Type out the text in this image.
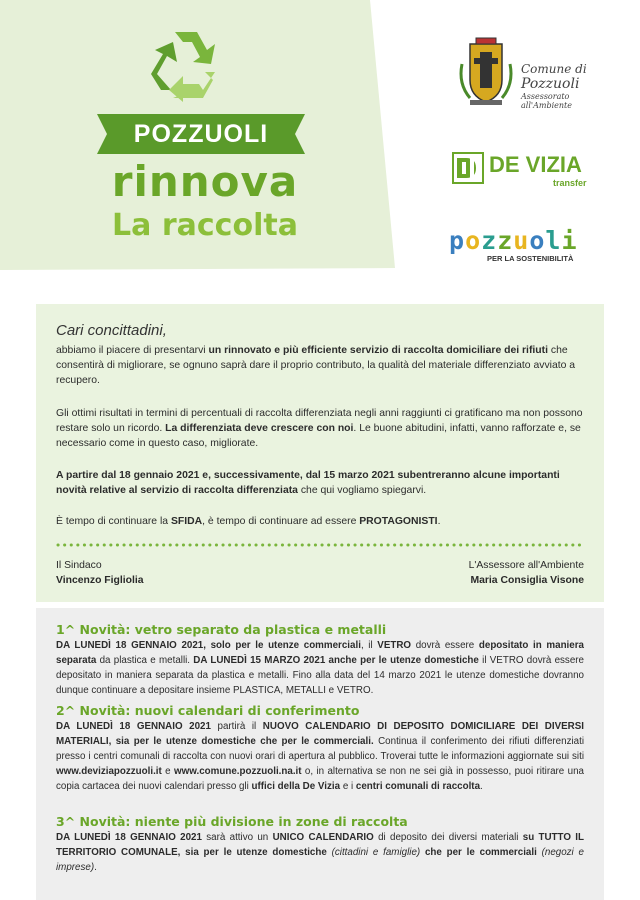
POZZUOLI
rinnova
La raccolta
Comune di
Pozzuoli
Assessorato
all'Ambiente
DE VIZIA
transfer
pozzuoli
PER LA SOSTENIBILITÀ
Cari concittadini,
abbiamo il piacere di presentarvi un rinnovato e più efficiente servizio di raccolta domiciliare dei rifiuti che consentirà di migliorare, se ognuno saprà dare il proprio contributo, la qualità del materiale differenziato avviato a recupero.
Gli ottimi risultati in termini di percentuali di raccolta differenziata negli anni raggiunti ci gratificano ma non possono restare solo un ricordo. La differenziata deve crescere con noi. Le buone abitudini, infatti, vanno rafforzate e, se necessario come in questo caso, migliorate.
A partire dal 18 gennaio 2021 e, successivamente, dal 15 marzo 2021 subentreranno alcune importanti novità relative al servizio di raccolta differenziata che qui vogliamo spiegarvi.
È tempo di continuare la SFIDA, è tempo di continuare ad essere PROTAGONISTI.
Il Sindaco
Vincenzo Figliolia
L'Assessore all'Ambiente
Maria Consiglia Visone
1^ Novità: vetro separato da plastica e metalli
DA LUNEDÌ 18 GENNAIO 2021, solo per le utenze commerciali, il VETRO dovrà essere depositato in maniera separata da plastica e metalli. DA LUNEDÌ 15 MARZO 2021 anche per le utenze domestiche il VETRO dovrà essere depositato in maniera separata da plastica e metalli. Fino alla data del 14 marzo 2021 le utenze domestiche dovranno dunque continuare a depositare insieme PLASTICA, METALLI e VETRO.
2^ Novità: nuovi calendari di conferimento
DA LUNEDÌ 18 GENNAIO 2021 partirà il NUOVO CALENDARIO DI DEPOSITO DOMICILIARE DEI DIVERSI MATERIALI, sia per le utenze domestiche che per le commerciali. Continua il conferimento dei rifiuti differenziati presso i centri comunali di raccolta con nuovi orari di apertura al pubblico. Troverai tutte le informazioni aggiornate sui siti www.deviziapozzuoli.it e www.comune.pozzuoli.na.it o, in alternativa se non ne sei già in possesso, puoi ritirare una copia cartacea dei nuovi calendari presso gli uffici della De Vizia e i centri comunali di raccolta.
3^ Novità: niente più divisione in zone di raccolta
DA LUNEDÌ 18 GENNAIO 2021 sarà attivo un UNICO CALENDARIO di deposito dei diversi materiali su TUTTO IL TERRITORIO COMUNALE, sia per le utenze domestiche (cittadini e famiglie) che per le commerciali (negozi e imprese).
